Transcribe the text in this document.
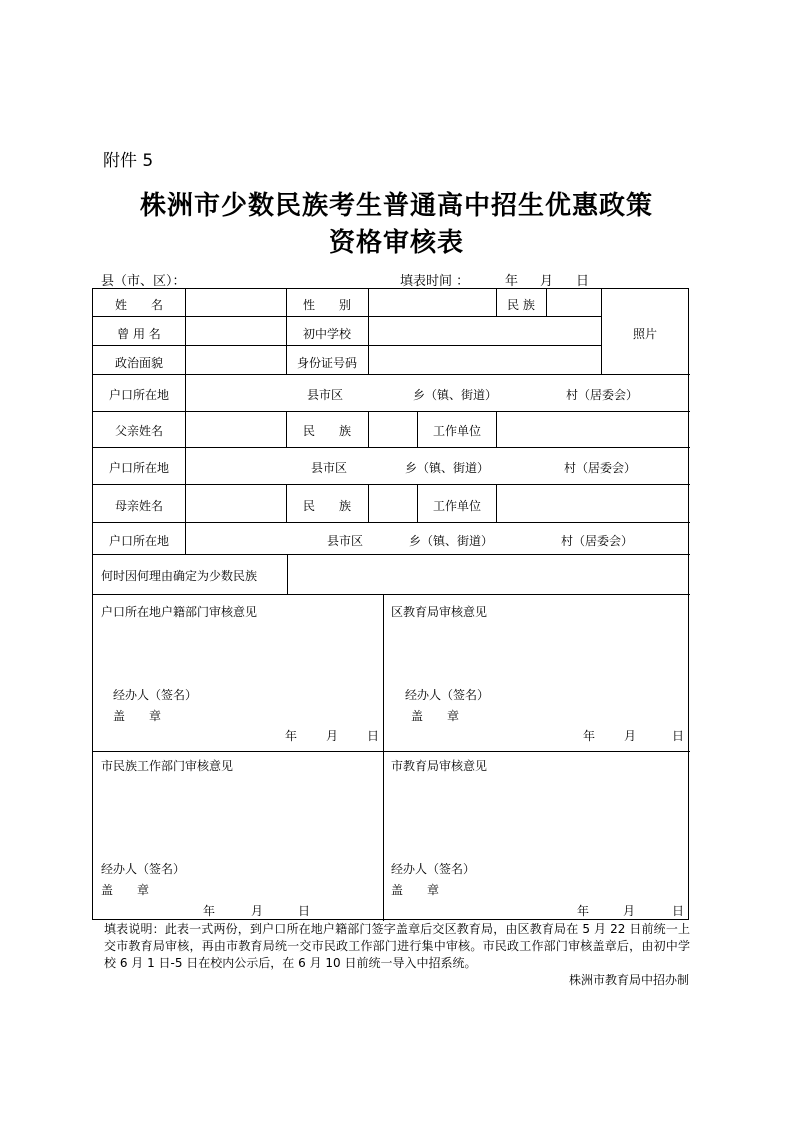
附件 5
株洲市少数民族考生普通高中招生优惠政策
资格审核表
县（市、区）：	填表时间 ：	年 月 日
姓　　名	性　　别	民 族
照片
曾 用 名	初中学校
政治面貌	身份证号码
户口所在地	县市区	乡（镇、街道）	村（居委会）
父亲姓名	民　　族	工作单位
户口所在地	县市区	乡（镇、街道）	村（居委会）
母亲姓名	民　　族	工作单位
户口所在地	县市区	乡（镇、街道）	村（居委会）
何时因何理由确定为少数民族
户口所在地户籍部门审核意见
经办人（签名）
盖　　章
年 月 日
区教育局审核意见
经办人（签名）
盖　　章
年 月	日
市民族工作部门审核意见
经办人（签名）
盖　　章
年	月	日
市教育局审核意见
经办人（签名）
盖　　章
年	月	日
填表说明：此表一式两份，到户口所在地户籍部门签字盖章后交区教育局，由区教育局在 5 月 22 日前统一上交市教育局审核，再由市教育局统一交市民政工作部门进行集中审核。市民政工作部门审核盖章后，由初中学校 6 月 1 日-5 日在校内公示后，在 6 月 10 日前统一导入中招系统。
株洲市教育局中招办制
